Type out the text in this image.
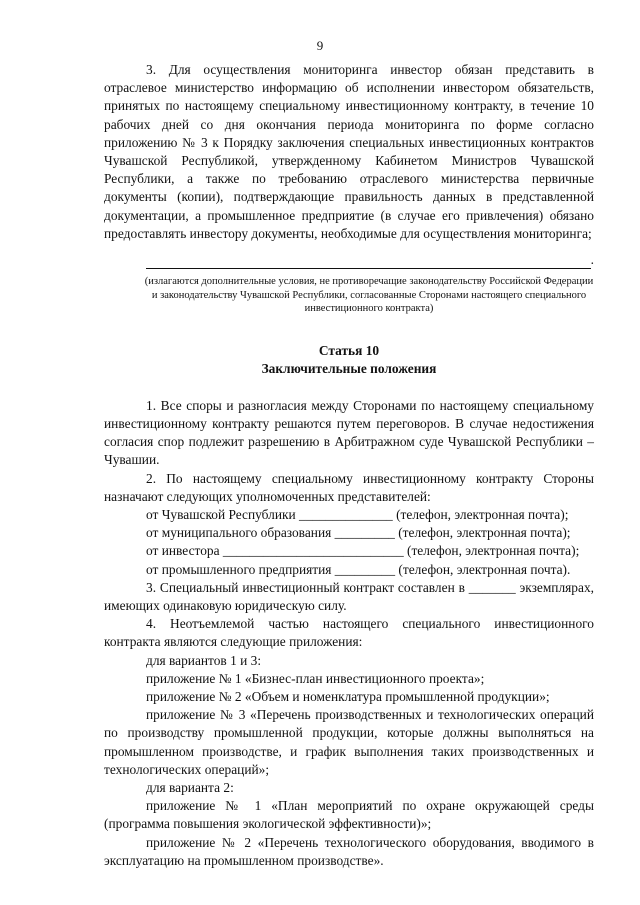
9

3. Для осуществления мониторинга инвестор обязан представить в отраслевое министерство информацию об исполнении инвестором обязательств, принятых по настоящему специальному инвестиционному контракту, в течение 10 рабочих дней со дня окончания периода мониторинга по форме согласно приложению № 3 к Порядку заключения специальных инвестиционных контрактов Чувашской Республикой, утвержденному Кабинетом Министров Чувашской Республики, а также по требованию отраслевого министерства первичные документы (копии), подтверждающие правильность данных в представленной документации, а промышленное предприятие (в случае его привлечения) обязано предоставлять инвестору документы, необходимые для осуществления мониторинга;

.

(излагаются дополнительные условия, не противоречащие законодательству Российской Федерации и законодательству Чувашской Республики, согласованные Сторонами настоящего специального инвестиционного контракта)

Статья 10
Заключительные положения

1. Все споры и разногласия между Сторонами по настоящему специальному инвестиционному контракту решаются путем переговоров. В случае недостижения согласия спор подлежит разрешению в Арбитражном суде Чувашской Республики – Чувашии.

2. По настоящему специальному инвестиционному контракту Стороны назначают следующих уполномоченных представителей:

от Чувашской Республики ______________ (телефон, электронная почта);

от муниципального образования _________ (телефон, электронная почта);

от инвестора ___________________________ (телефон, электронная почта);

от промышленного предприятия _________ (телефон, электронная почта).

3. Специальный инвестиционный контракт составлен в _______ экземплярах, имеющих одинаковую юридическую силу.

4. Неотъемлемой частью настоящего специального инвестиционного контракта являются следующие приложения:

для вариантов 1 и 3:

приложение № 1 «Бизнес-план инвестиционного проекта»;

приложение № 2 «Объем и номенклатура промышленной продукции»;

приложение № 3 «Перечень производственных и технологических операций по производству промышленной продукции, которые должны выполняться на промышленном производстве, и график выполнения таких производственных и технологических операций»;

для варианта 2:

приложение № 1 «План мероприятий по охране окружающей среды (программа повышения экологической эффективности)»;

приложение № 2 «Перечень технологического оборудования, вводимого в эксплуатацию на промышленном производстве».
